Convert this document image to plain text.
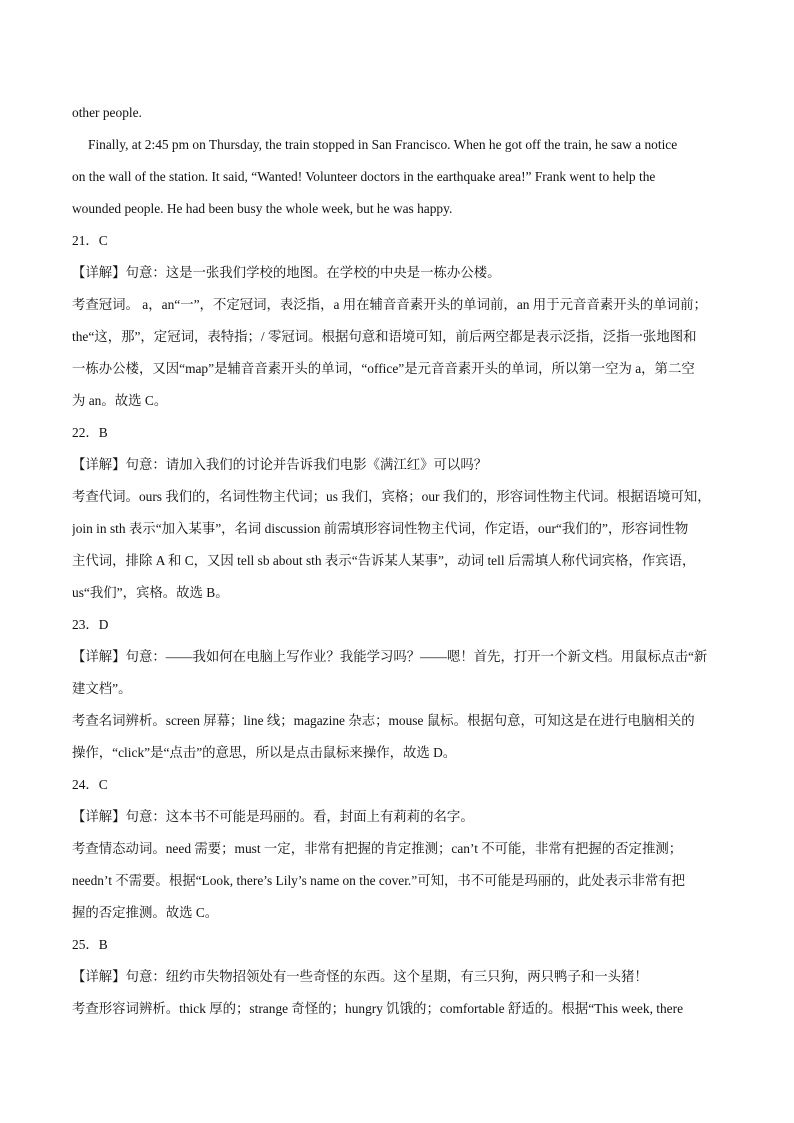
other people.
Finally, at 2:45 pm on Thursday, the train stopped in San Francisco. When he got off the train, he saw a notice
on the wall of the station. It said, “Wanted! Volunteer doctors in the earthquake area!” Frank went to help the
wounded people. He had been busy the whole week, but he was happy.
21．C
【详解】句意：这是一张我们学校的地图。在学校的中央是一栋办公楼。
考查冠词。 a，an“一”，不定冠词，表泛指，a 用在辅音音素开头的单词前，an 用于元音音素开头的单词前；
the“这，那”，定冠词，表特指；/ 零冠词。根据句意和语境可知，前后两空都是表示泛指，泛指一张地图和
一栋办公楼，又因“map”是辅音音素开头的单词，“office”是元音音素开头的单词，所以第一空为 a，第二空
为 an。故选 C。
22．B
【详解】句意：请加入我们的讨论并告诉我们电影《满江红》可以吗？
考查代词。ours 我们的，名词性物主代词；us 我们，宾格；our 我们的，形容词性物主代词。根据语境可知，
join in sth 表示“加入某事”，名词 discussion 前需填形容词性物主代词，作定语，our“我们的”，形容词性物
主代词，排除 A 和 C，又因 tell sb about sth 表示“告诉某人某事”，动词 tell 后需填人称代词宾格，作宾语，
us“我们”，宾格。故选 B。
23．D
【详解】句意：——我如何在电脑上写作业？我能学习吗？——嗯！首先，打开一个新文档。用鼠标点击“新
建文档”。
考查名词辨析。screen 屏幕；line 线；magazine 杂志；mouse 鼠标。根据句意，可知这是在进行电脑相关的
操作，“click”是“点击”的意思，所以是点击鼠标来操作，故选 D。
24．C
【详解】句意：这本书不可能是玛丽的。看，封面上有莉莉的名字。
考查情态动词。need 需要；must 一定，非常有把握的肯定推测；can’t 不可能，非常有把握的否定推测；
needn’t 不需要。根据“Look, there’s Lily’s name on the cover.”可知，书不可能是玛丽的，此处表示非常有把
握的否定推测。故选 C。
25．B
【详解】句意：纽约市失物招领处有一些奇怪的东西。这个星期，有三只狗，两只鸭子和一头猪！
考查形容词辨析。thick 厚的；strange 奇怪的；hungry 饥饿的；comfortable 舒适的。根据“This week, there
